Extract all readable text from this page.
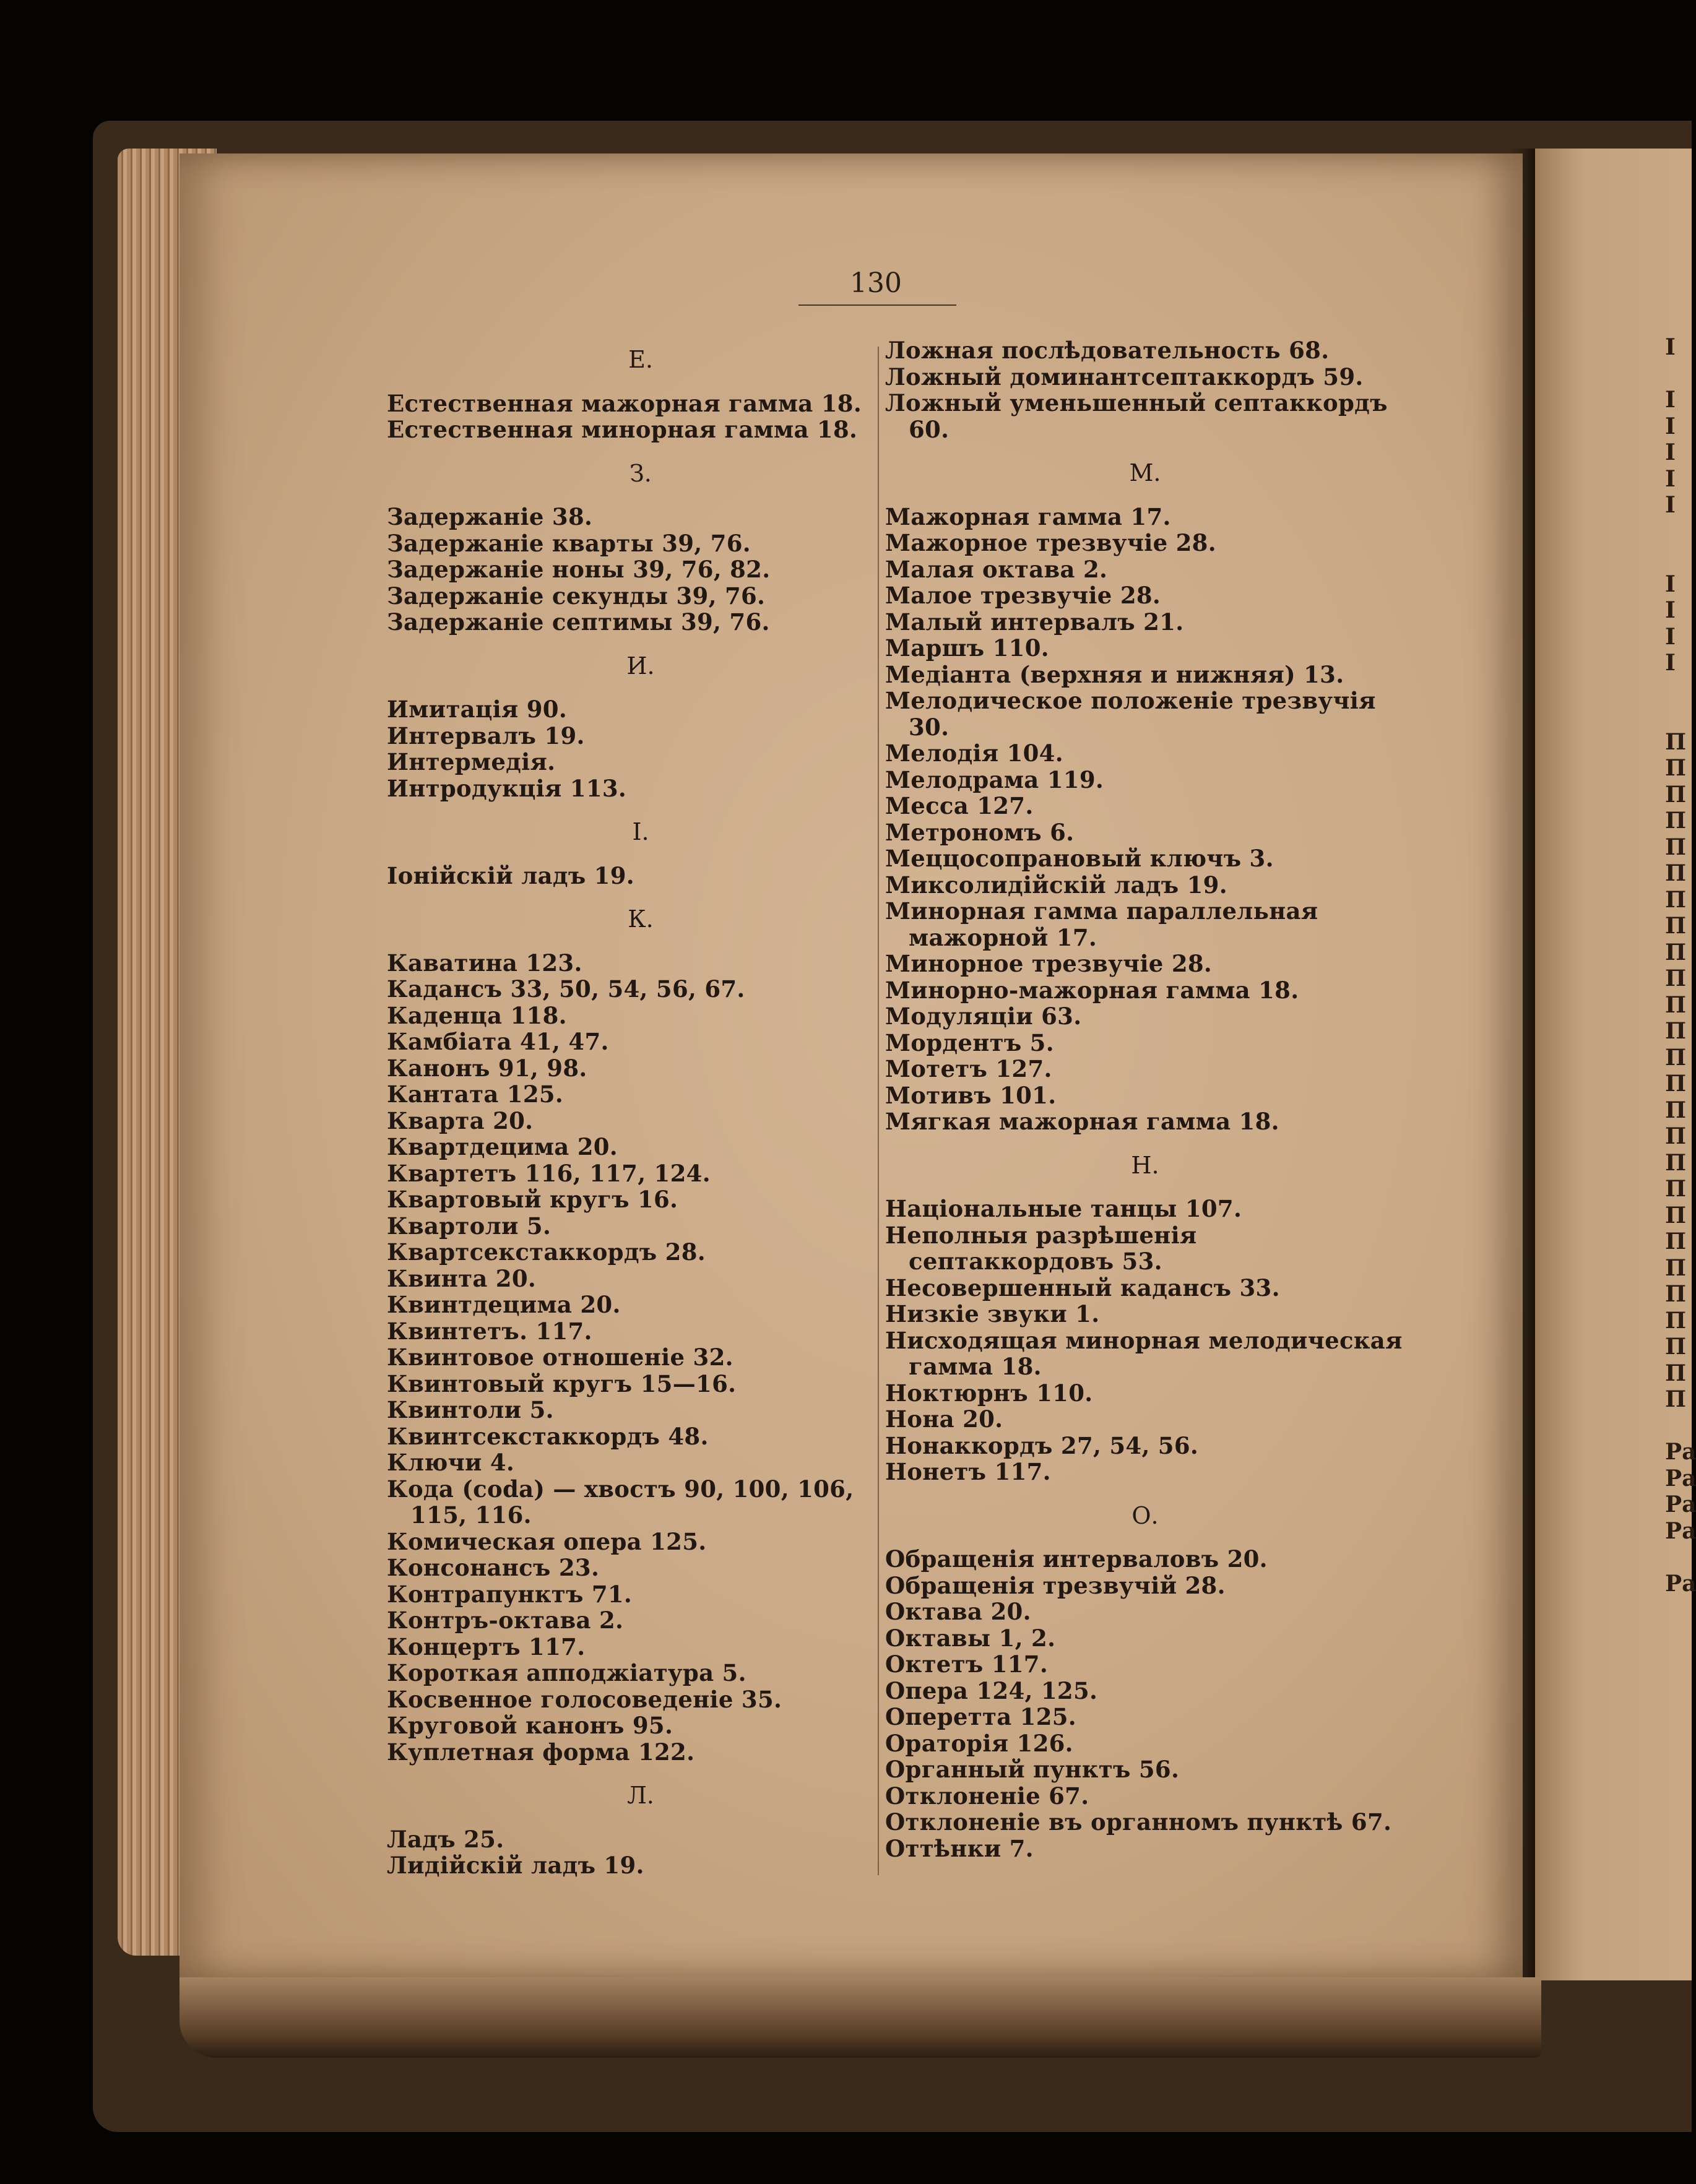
130
Е.

Естественная мажорная гамма 18.

Естественная минорная гамма 18.

З.

Задержаніе 38.

Задержаніе кварты 39, 76.

Задержаніе ноны 39, 76, 82.

Задержаніе секунды 39, 76.

Задержаніе септимы 39, 76.

И.

Имитація 90.

Интервалъ 19.

Интермедія.

Интродукція 113.

І.

Іонійскій ладъ 19.

К.

Каватина 123.

Кадансъ 33, 50, 54, 56, 67.

Каденца 118.

Камбіата 41, 47.

Канонъ 91, 98.

Кантата 125.

Кварта 20.

Квартдецима 20.

Квартетъ 116, 117, 124.

Квартовый кругъ 16.

Квартоли 5.

Квартсекстаккордъ 28.

Квинта 20.

Квинтдецима 20.

Квинтетъ. 117.

Квинтовое отношеніе 32.

Квинтовый кругъ 15—16.

Квинтоли 5.

Квинтсекстаккордъ 48.

Ключи 4.

Кода (coda) — хвостъ 90, 100, 106, 115, 116.

Комическая опера 125.

Консонансъ 23.

Контрапунктъ 71.

Контръ-октава 2.

Концертъ 117.

Короткая апподжіатура 5.

Косвенное голосоведеніе 35.

Круговой канонъ 95.

Куплетная форма 122.

Л.

Ладъ 25.

Лидійскій ладъ 19.

Ложная послѣдовательность 68.

Ложный доминантсептаккордъ 59.

Ложный уменьшенный септаккордъ 60.

М.

Мажорная гамма 17.

Мажорное трезвучіе 28.

Малая октава 2.

Малое трезвучіе 28.

Малый интервалъ 21.

Маршъ 110.

Медіанта (верхняя и нижняя) 13.

Мелодическое положеніе трезвучія 30.

Мелодія 104.

Мелодрама 119.

Месса 127.

Метрономъ 6.

Меццосопрановый ключъ 3.

Миксолидійскій ладъ 19.

Минорная гамма параллельная мажорной 17.

Минорное трезвучіе 28.

Минорно-мажорная гамма 18.

Модуляціи 63.

Мордентъ 5.

Мотетъ 127.

Мотивъ 101.

Мягкая мажорная гамма 18.

Н.

Національные танцы 107.

Неполныя разрѣшенія септаккордовъ 53.

Несовершенный кадансъ 33.

Низкіе звуки 1.

Нисходящая минорная мелодическая гамма 18.

Ноктюрнъ 110.

Нона 20.

Нонаккордъ 27, 54, 56.

Нонетъ 117.

О.

Обращенія интерваловъ 20.

Обращенія трезвучій 28.

Октава 20.

Октавы 1, 2.

Октетъ 117.

Опера 124, 125.

Оперетта 125.

Ораторія 126.

Органный пунктъ 56.

Отклоненіе 67.

Отклоненіе въ органномъ пунктѣ 67.

Оттѣнки 7.

I
I
I
I
I
I
I
I
I
I
П
П
П
П
П
П
П
П
П
П
П
П
П
П
П
П
П
П
П
П
П
П
П
П
П
П
Ра
Ра
Ра
Ра
Ра
